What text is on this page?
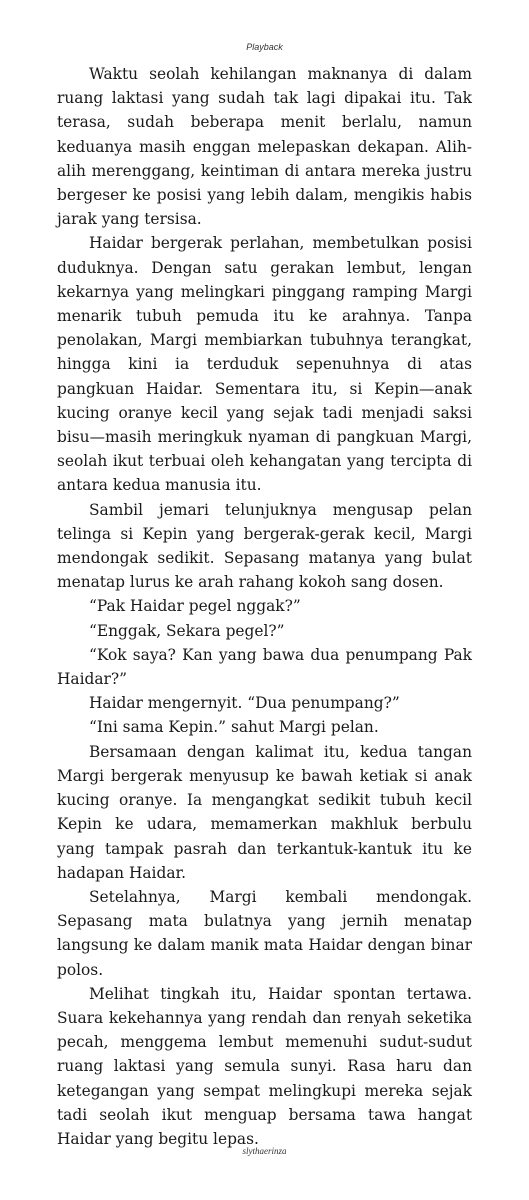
Playback

Waktu seolah kehilangan maknanya di dalam ruang laktasi yang sudah tak lagi dipakai itu. Tak terasa, sudah beberapa menit berlalu, namun keduanya masih enggan melepaskan dekapan. Alih-alih merenggang, keintiman di antara mereka justru bergeser ke posisi yang lebih dalam, mengikis habis jarak yang tersisa.

Haidar bergerak perlahan, membetulkan posisi duduknya. Dengan satu gerakan lembut, lengan kekarnya yang melingkari pinggang ramping Margi menarik tubuh pemuda itu ke arahnya. Tanpa penolakan, Margi membiarkan tubuhnya terangkat, hingga kini ia terduduk sepenuhnya di atas pangkuan Haidar. Sementara itu, si Kepin—anak kucing oranye kecil yang sejak tadi menjadi saksi bisu—masih meringkuk nyaman di pangkuan Margi, seolah ikut terbuai oleh kehangatan yang tercipta di antara kedua manusia itu.

Sambil jemari telunjuknya mengusap pelan telinga si Kepin yang bergerak-gerak kecil, Margi mendongak sedikit. Sepasang matanya yang bulat menatap lurus ke arah rahang kokoh sang dosen.

“Pak Haidar pegel nggak?”

“Enggak, Sekara pegel?”

“Kok saya? Kan yang bawa dua penumpang Pak Haidar?”

Haidar mengernyit. “Dua penumpang?”

“Ini sama Kepin.” sahut Margi pelan.

Bersamaan dengan kalimat itu, kedua tangan Margi bergerak menyusup ke bawah ketiak si anak kucing oranye. Ia mengangkat sedikit tubuh kecil Kepin ke udara, memamerkan makhluk berbulu yang tampak pasrah dan terkantuk-kantuk itu ke hadapan Haidar.

Setelahnya, Margi kembali mendongak. Sepasang mata bulatnya yang jernih menatap langsung ke dalam manik mata Haidar dengan binar polos.

Melihat tingkah itu, Haidar spontan tertawa. Suara kekehannya yang rendah dan renyah seketika pecah, menggema lembut memenuhi sudut-sudut ruang laktasi yang semula sunyi. Rasa haru dan ketegangan yang sempat melingkupi mereka sejak tadi seolah ikut menguap bersama tawa hangat Haidar yang begitu lepas.

slythaerinza
